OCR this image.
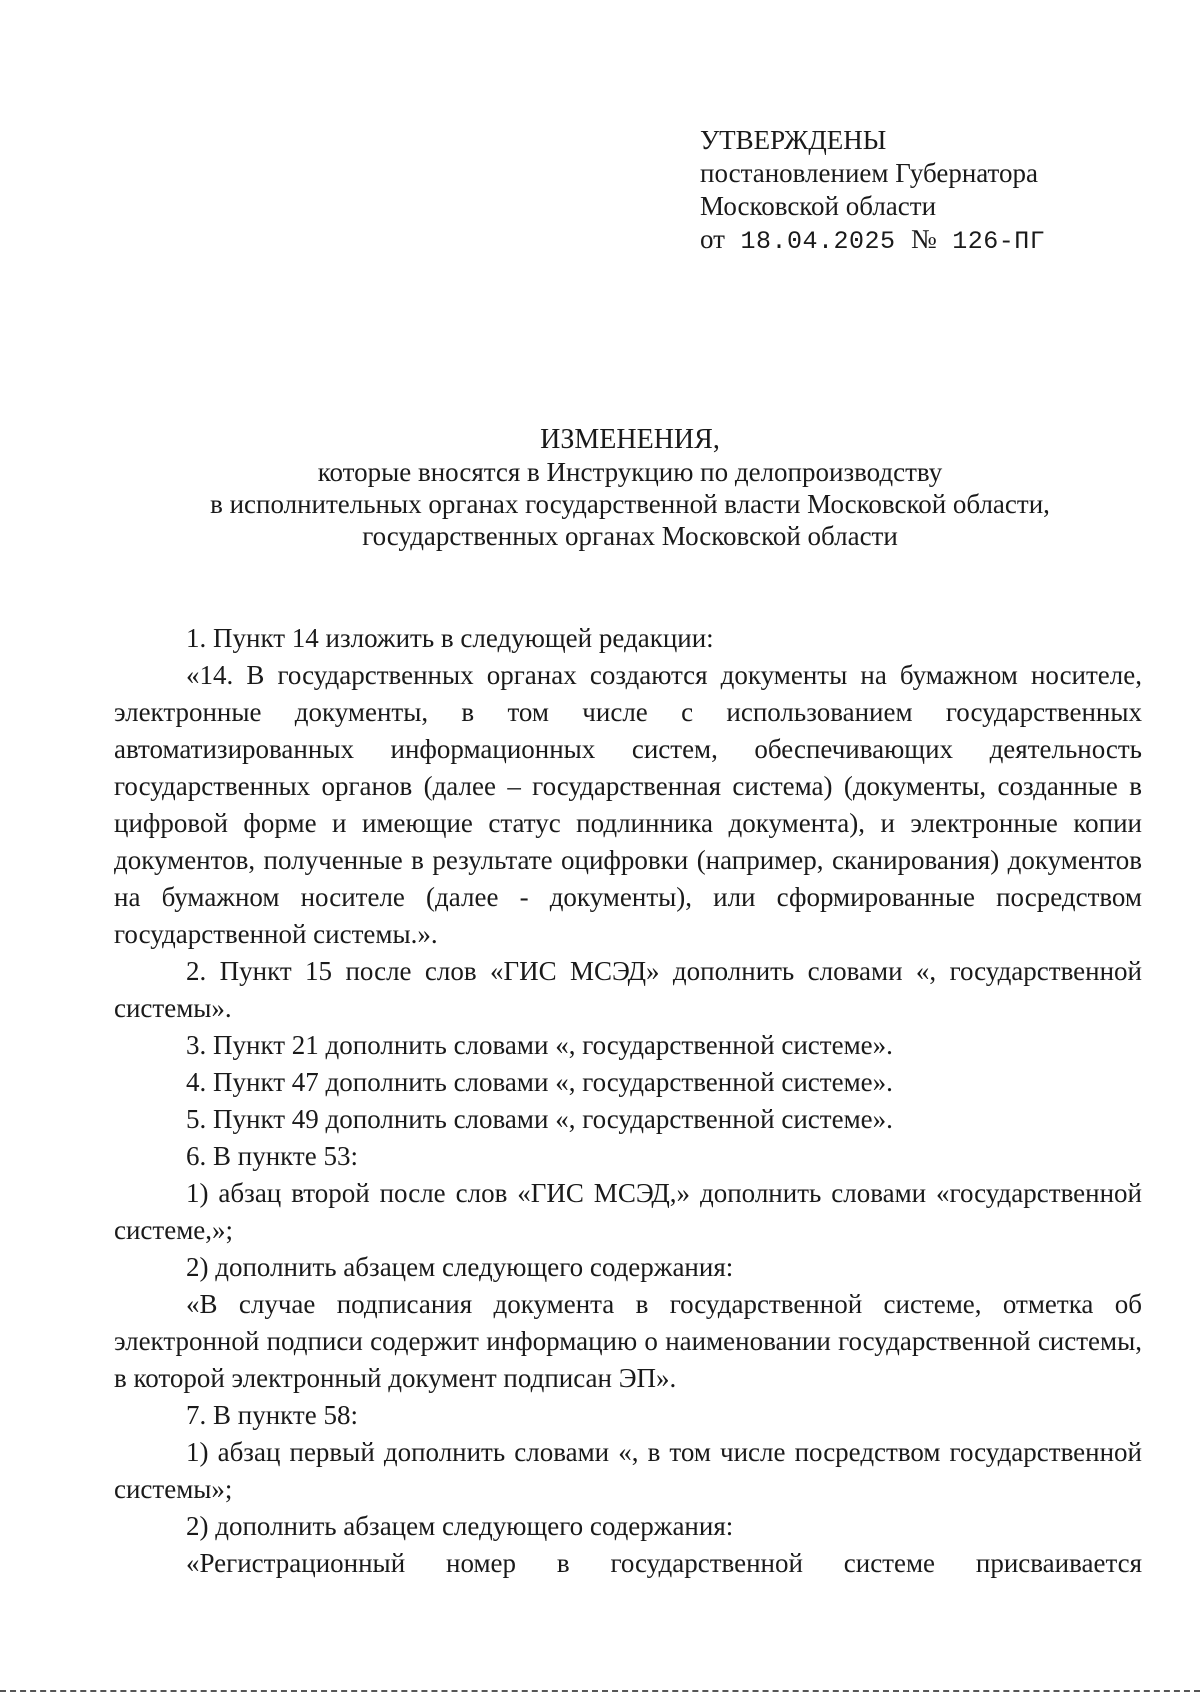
УТВЕРЖДЕНЫ
постановлением Губернатора
Московской области
от 18.04.2025 № 126-ПГ
ИЗМЕНЕНИЯ,
которые вносятся в Инструкцию по делопроизводству
в исполнительных органах государственной власти Московской области,
государственных органах Московской области

1. Пункт 14 изложить в следующей редакции:

«14. В государственных органах создаются документы на бумажном носителе, электронные документы, в том числе с использованием государственных автоматизированных информационных систем, обеспечивающих деятельность государственных органов (далее – государственная система) (документы, созданные в цифровой форме и имеющие статус подлинника документа), и электронные копии документов, полученные в результате оцифровки (например, сканирования) документов на бумажном носителе (далее - документы), или сформированные посредством государственной системы.».

2. Пункт 15 после слов «ГИС МСЭД» дополнить словами «, государственной системы».

3. Пункт 21 дополнить словами «, государственной системе».

4. Пункт 47 дополнить словами «, государственной системе».

5. Пункт 49 дополнить словами «, государственной системе».

6. В пункте 53:

1) абзац второй после слов «ГИС МСЭД,» дополнить словами «государственной системе,»;

2) дополнить абзацем следующего содержания:

«В случае подписания документа в государственной системе, отметка об электронной подписи содержит информацию о наименовании государственной системы, в которой электронный документ подписан ЭП».

7. В пункте 58:

1) абзац первый дополнить словами «, в том числе посредством государственной системы»;

2) дополнить абзацем следующего содержания:

«Регистрационный номер в государственной системе присваивается
